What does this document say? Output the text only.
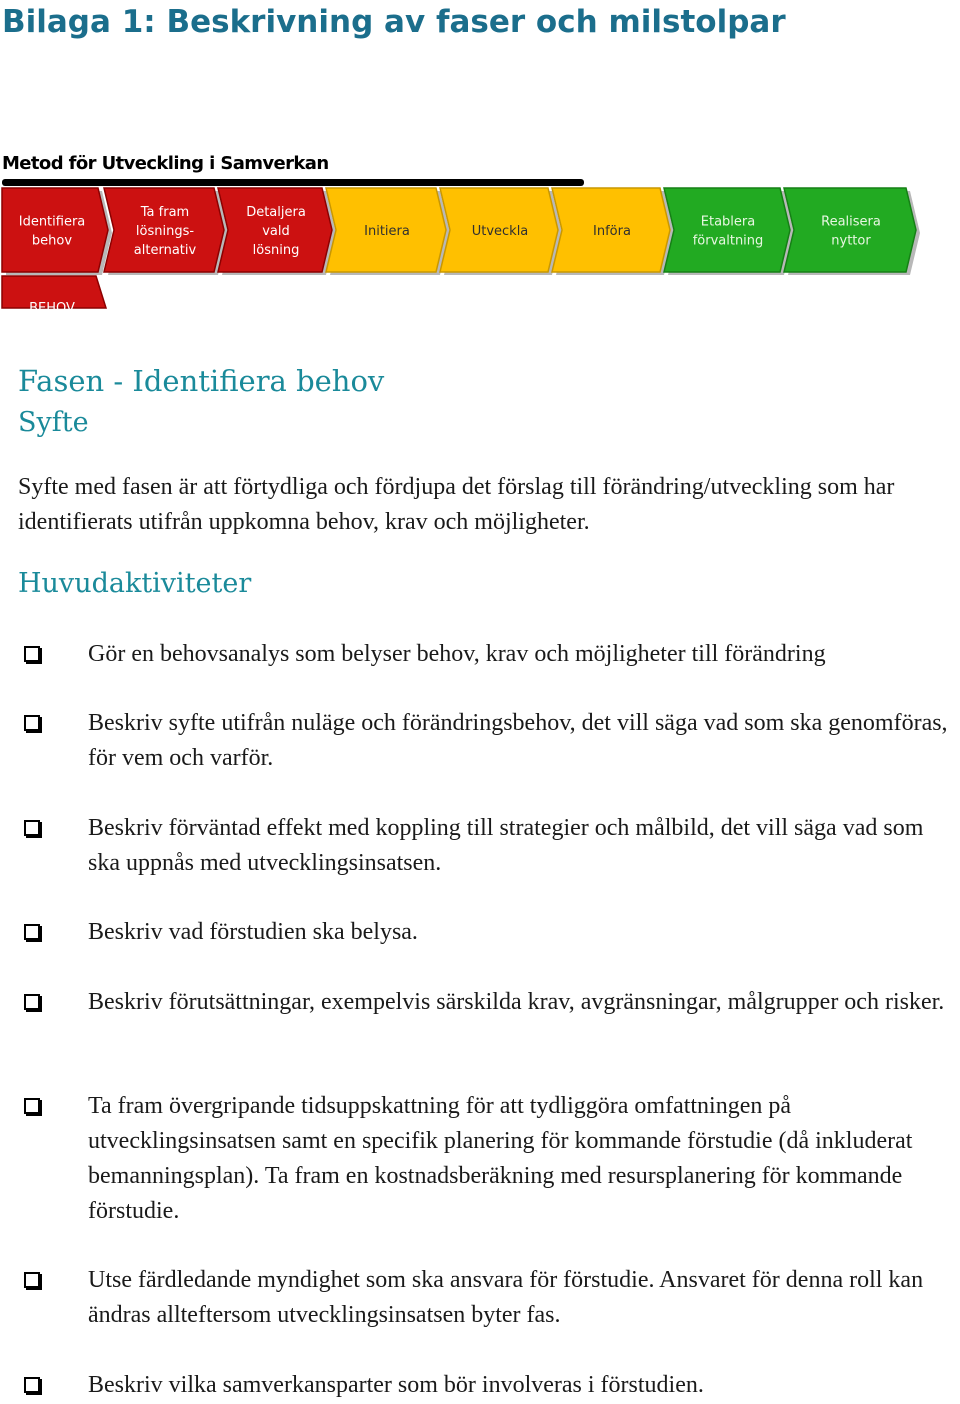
Bilaga 1: Beskrivning av faser och milstolpar
Metod för Utveckling i Samverkan
Identifiera
behov
Ta fram
lösnings-
alternativ
Detaljera
vald
lösning
Initiera	Utveckla	Införa
Etablera
förvaltning
Realisera
nyttor
BEHOV
Fasen - Identifiera behov
Syfte

Syfte med fasen är att förtydliga och fördjupa det förslag till förändring/utveckling som har identifierats utifrån uppkomna behov, krav och möjligheter.

Huvudaktiviteter

Gör en behovsanalys som belyser behov, krav och möjligheter till förändring

Beskriv syfte utifrån nuläge och förändringsbehov, det vill säga vad som ska genomföras, för vem och varför.

Beskriv förväntad effekt med koppling till strategier och målbild, det vill säga vad som ska uppnås med utvecklingsinsatsen.

Beskriv vad förstudien ska belysa.

Beskriv förutsättningar, exempelvis särskilda krav, avgränsningar, målgrupper och risker.

Ta fram övergripande tidsuppskattning för att tydliggöra omfattningen på utvecklingsinsatsen samt en specifik planering för kommande förstudie (då inkluderat bemanningsplan). Ta fram en kostnadsberäkning med resursplanering för kommande förstudie.

Utse färdledande myndighet som ska ansvara för förstudie. Ansvaret för denna roll kan ändras allteftersom utvecklingsinsatsen byter fas.

Beskriv vilka samverkansparter som bör involveras i förstudien.
